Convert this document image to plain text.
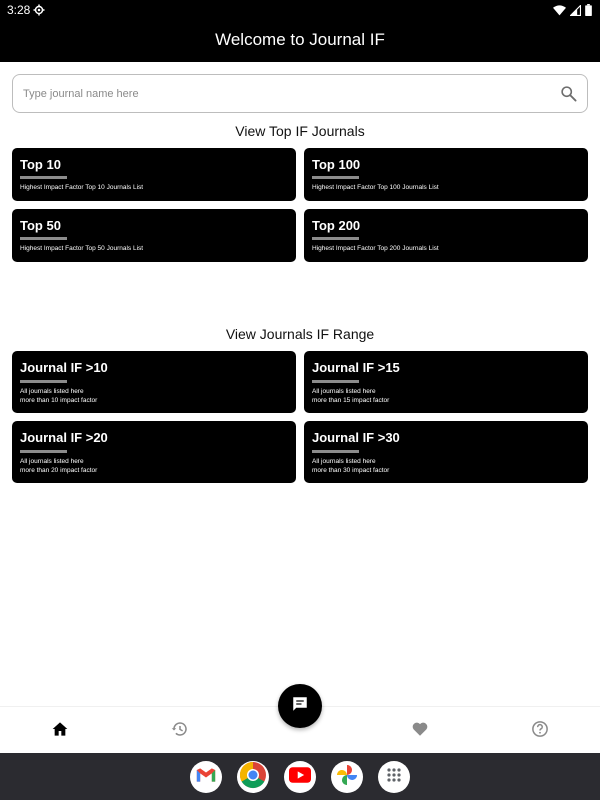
3:28
Welcome to Journal IF
Type journal name here
View Top IF Journals
Top 10
Highest Impact Factor Top 10 Journals List
Top 100
Highest Impact Factor Top 100 Journals List
Top 50
Highest Impact Factor Top 50 Journals List
Top 200
Highest Impact Factor Top 200 Journals List
View Journals IF Range
Journal IF >10
All journals listed here
more than 10 impact factor
Journal IF >15
All journals listed here
more than 15 impact factor
Journal IF >20
All journals listed here
more than 20 impact factor
Journal IF >30
All journals listed here
more than 30 impact factor
